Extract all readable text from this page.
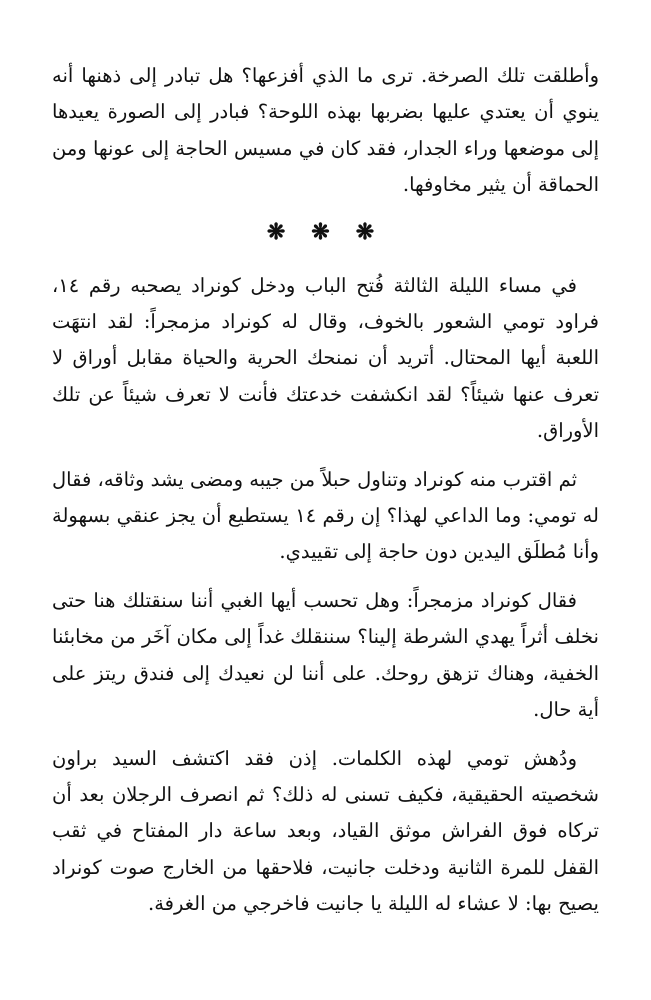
وأطلقت تلك الصرخة. ترى ما الذي أفزعها؟ هل تبادر إلى ذهنها أنه ينوي أن يعتدي عليها بضربها بهذه اللوحة؟ فبادر إلى الصورة يعيدها إلى موضعها وراء الجدار، فقد كان في مسيس الحاجة إلى عونها ومن الحماقة أن يثير مخاوفها.

❋ ❋ ❋

في مساء الليلة الثالثة فُتح الباب ودخل كونراد يصحبه رقم ١٤، فراود تومي الشعور بالخوف، وقال له كونراد مزمجراً: لقد انتهَت اللعبة أيها المحتال. أتريد أن نمنحك الحرية والحياة مقابل أوراق لا تعرف عنها شيئاً؟ لقد انكشفت خدعتك فأنت لا تعرف شيئاً عن تلك الأوراق.

ثم اقترب منه كونراد وتناول حبلاً من جيبه ومضى يشد وثاقه، فقال له تومي: وما الداعي لهذا؟ إن رقم ١٤ يستطيع أن يجز عنقي بسهولة وأنا مُطلَق اليدين دون حاجة إلى تقييدي.

فقال كونراد مزمجراً: وهل تحسب أيها الغبي أننا سنقتلك هنا حتى نخلف أثراً يهدي الشرطة إلينا؟ سننقلك غداً إلى مكان آخَر من مخابئنا الخفية، وهناك تزهق روحك. على أننا لن نعيدك إلى فندق ريتز على أية حال.

ودُهش تومي لهذه الكلمات. إذن فقد اكتشف السيد براون شخصيته الحقيقية، فكيف تسنى له ذلك؟ ثم انصرف الرجلان بعد أن تركاه فوق الفراش موثق القياد، وبعد ساعة دار المفتاح في ثقب القفل للمرة الثانية ودخلت جانيت، فلاحقها من الخارج صوت كونراد يصيح بها: لا عشاء له الليلة يا جانيت فاخرجي من الغرفة.
